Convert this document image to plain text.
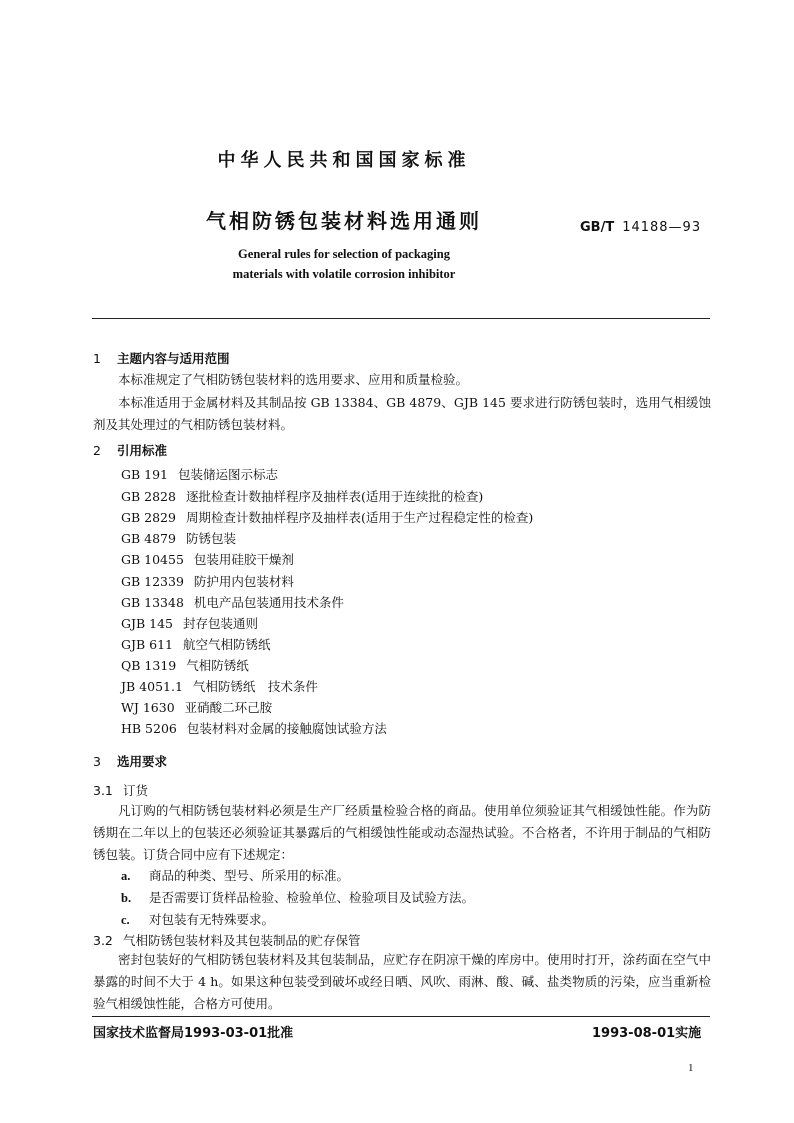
中华人民共和国国家标准
气相防锈包装材料选用通则	GB/T 14188—93
General rules for selection of packaging
materials with volatile corrosion inhibitor
1 主题内容与适用范围
本标准规定了气相防锈包装材料的选用要求、应用和质量检验。
本标准适用于金属材料及其制品按 GB 13384、GB 4879、GJB 145 要求进行防锈包装时，选用气相缓蚀剂及其处理过的气相防锈包装材料。
2 引用标准
GB 191 包装储运图示标志
GB 2828 逐批检查计数抽样程序及抽样表(适用于连续批的检查)
GB 2829 周期检查计数抽样程序及抽样表(适用于生产过程稳定性的检查)
GB 4879 防锈包装
GB 10455 包装用硅胶干燥剂
GB 12339 防护用内包装材料
GB 13348 机电产品包装通用技术条件
GJB 145 封存包装通则
GJB 611 航空气相防锈纸
QB 1319 气相防锈纸
JB 4051.1 气相防锈纸　技术条件
WJ 1630 亚硝酸二环己胺
HB 5206 包装材料对金属的接触腐蚀试验方法
3 选用要求
3.1 订货
凡订购的气相防锈包装材料必须是生产厂经质量检验合格的商品。使用单位须验证其气相缓蚀性能。作为防锈期在二年以上的包装还必须验证其暴露后的气相缓蚀性能或动态湿热试验。不合格者，不许用于制品的气相防锈包装。订货合同中应有下述规定：
a. 商品的种类、型号、所采用的标准。
b. 是否需要订货样品检验、检验单位、检验项目及试验方法。
c. 对包装有无特殊要求。
3.2 气相防锈包装材料及其包装制品的贮存保管
密封包装好的气相防锈包装材料及其包装制品，应贮存在阴凉干燥的库房中。使用时打开，涂药面在空气中暴露的时间不大于 4 h。如果这种包装受到破坏或经日晒、风吹、雨淋、酸、碱、盐类物质的污染，应当重新检验气相缓蚀性能，合格方可使用。
国家技术监督局1993-03-01批准	1993-08-01实施
1
